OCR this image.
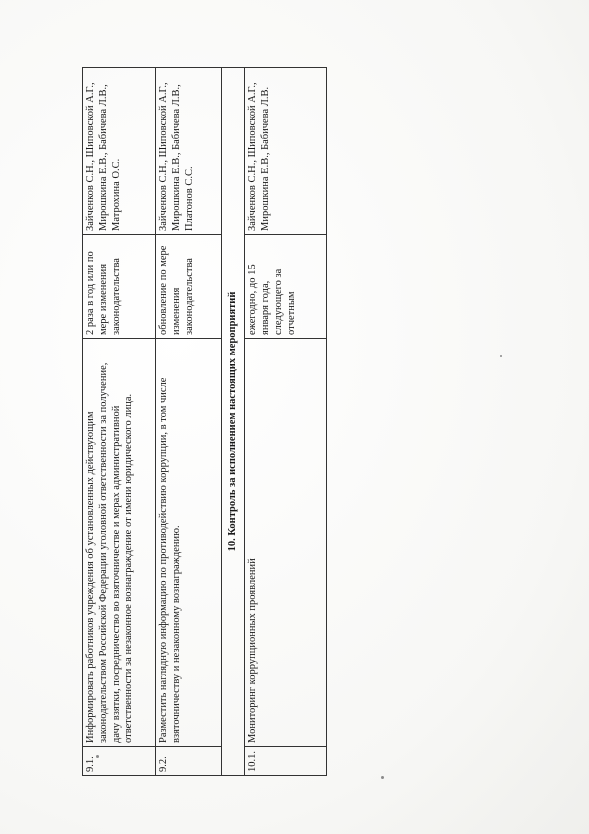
9.1.	Информировать работников учреждения об установленных действующим законодательством Российской Федерации уголовной ответственности за получение, дачу взятки, посредничество во взяточничестве и мерах административной ответственности за незаконное вознаграждение от имени юридического лица.	2 раза в год или по мере изменения законодательства	Зайченков С.Н., Шиповской А.Г., Мирошкина Е.В., Бабичева Л.В., Матрохина О.С.
9.2.	Разместить наглядную информацию по противодействию коррупции, в том числе взяточничеству и незаконному вознаграждению.	обновление по мере изменения законодательства	Зайченков С.Н., Шиповской А.Г., Мирошкина Е.В., Бабичева Л.В., Платонов С.С.
10. Контроль за исполнением настоящих мероприятий			
10.1.	Мониторинг коррупционных проявлений	ежегодно, до 15 января года, следующего за отчетным	Зайченков С.Н., Шиповской А.Г., Мирошкина Е.В., Бабичева Л.В.
